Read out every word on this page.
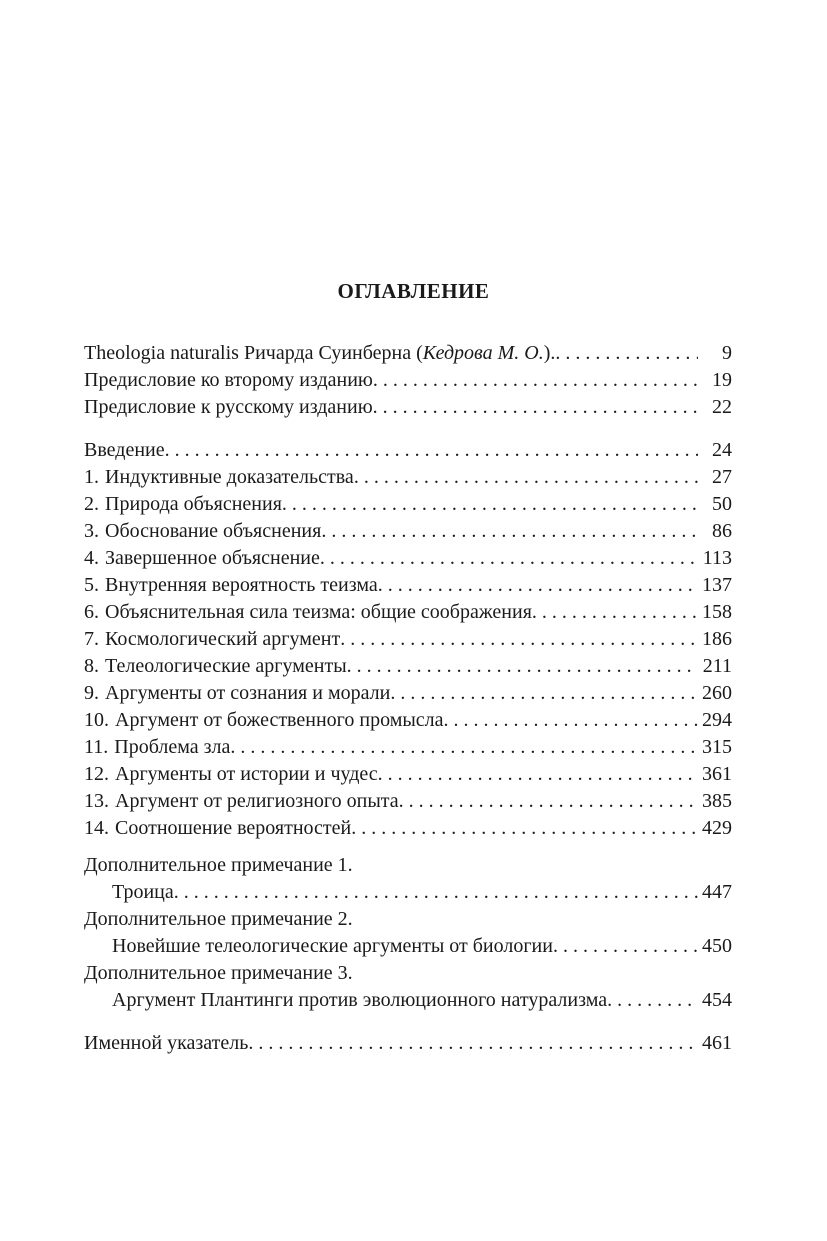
ОГЛАВЛЕНИЕ
Theologia naturalis Ричарда Суинберна (Кедрова М. О.). . . .	9
Предисловие ко второму изданию . . .	19
Предисловие к русскому изданию . . .	22
Введение . . .	24
1. Индуктивные доказательства . . .	27
2. Природа объяснения . . .	50
3. Обоснование объяснения . . .	86
4. Завершенное объяснение . . .	113
5. Внутренняя вероятность теизма . . .	137
6. Объяснительная сила теизма: общие соображения . . .	158
7. Космологический аргумент . . .	186
8. Телеологические аргументы . . .	211
9. Аргументы от сознания и морали . . .	260
10. Аргумент от божественного промысла . . .	294
11. Проблема зла . . .	315
12. Аргументы от истории и чудес . . .	361
13. Аргумент от религиозного опыта . . .	385
14. Соотношение вероятностей . . .	429
Дополнительное примечание 1.
Троица . . .	447
Дополнительное примечание 2.
Новейшие телеологические аргументы от биологии . . .	450
Дополнительное примечание 3.
Аргумент Плантинги против эволюционного натурализма . . .	454
Именной указатель . . .	461
